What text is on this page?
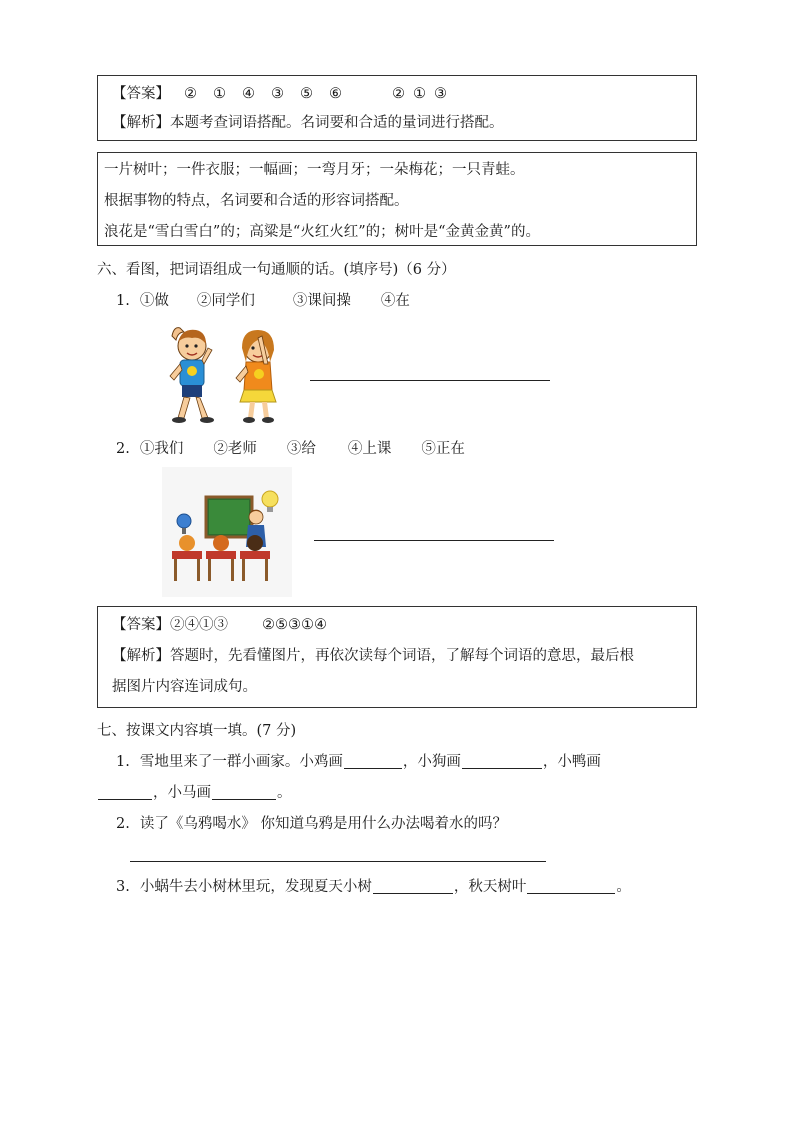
【答案】 ② ① ④ ③ ⑤ ⑥	② ① ③
【解析】本题考查词语搭配。名词要和合适的量词进行搭配。
一片树叶；一件衣服；一幅画；一弯月牙；一朵梅花；一只青蛙。
根据事物的特点，名词要和合适的形容词搭配。
浪花是“雪白雪白”的；高粱是“火红火红”的；树叶是“金黄金黄”的。
六、看图，把词语组成一句通顺的话。(填序号)（6 分）
1. ①做 ②同学们	③课间操 ④在
2. ①我们 ②老师 ③给 ④上课 ⑤正在
【答案】②④①③ ②⑤③①④
【解析】答题时，先看懂图片，再依次读每个词语，了解每个词语的意思，最后根
据图片内容连词成句。
七、按课文内容填一填。(7 分)
1. 雪地里来了一群小画家。小鸡画	，小狗画	，小鸭画
，小马画	。
2. 读了《乌鸦喝水》 你知道乌鸦是用什么办法喝着水的吗？
3. 小蜗牛去小树林里玩，发现夏天小树	，秋天树叶	。
